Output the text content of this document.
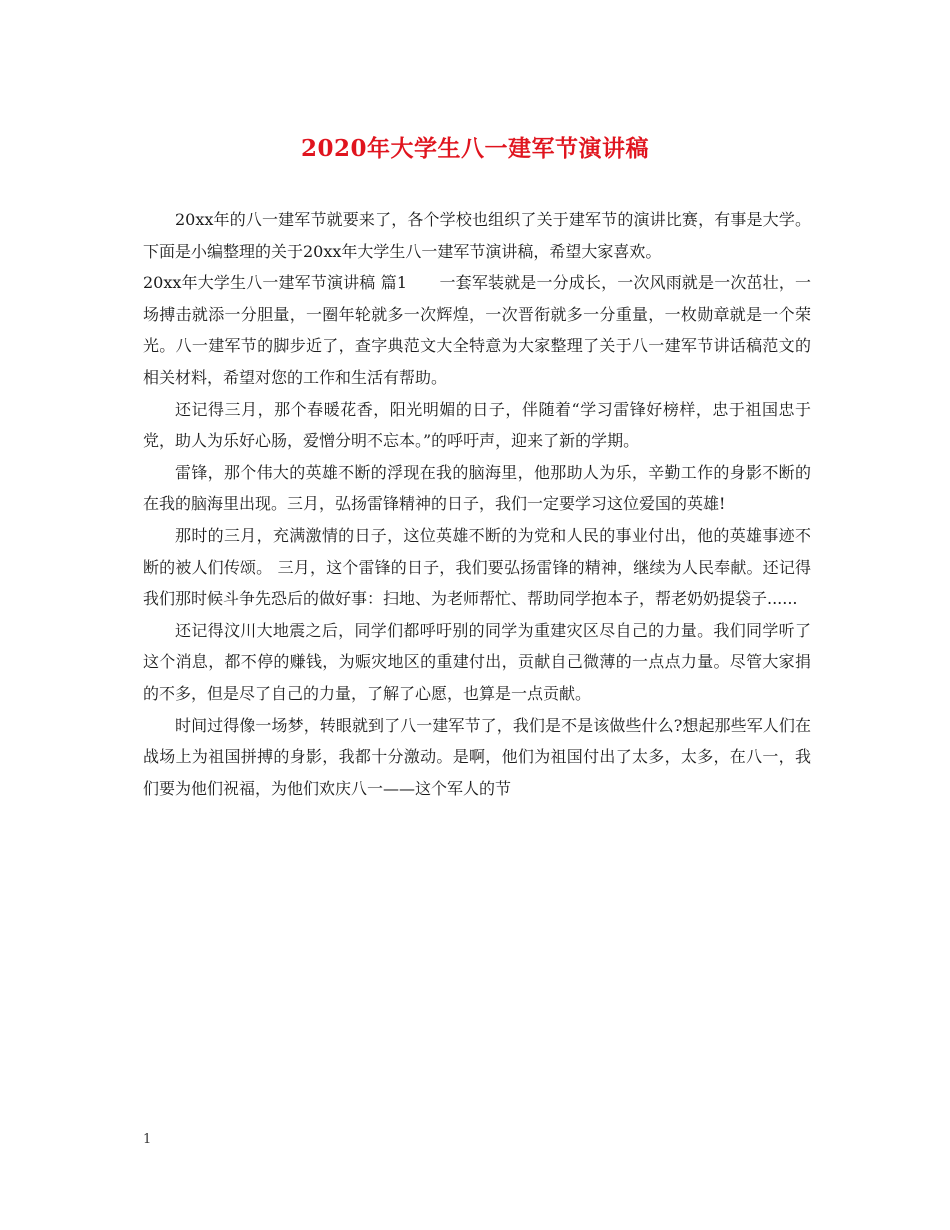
2020年大学生八一建军节演讲稿

20xx年的八一建军节就要来了，各个学校也组织了关于建军节的演讲比赛，有事是大学。下面是小编整理的关于20xx年大学生八一建军节演讲稿，希望大家喜欢。

20xx年大学生八一建军节演讲稿 篇1　　一套军装就是一分成长，一次风雨就是一次茁壮，一场搏击就添一分胆量，一圈年轮就多一次辉煌，一次晋衔就多一分重量，一枚勋章就是一个荣光。八一建军节的脚步近了，查字典范文大全特意为大家整理了关于八一建军节讲话稿范文的相关材料，希望对您的工作和生活有帮助。

还记得三月，那个春暖花香，阳光明媚的日子，伴随着“学习雷锋好榜样，忠于祖国忠于党，助人为乐好心肠，爱憎分明不忘本。”的呼吁声，迎来了新的学期。

雷锋，那个伟大的英雄不断的浮现在我的脑海里，他那助人为乐，辛勤工作的身影不断的在我的脑海里出现。三月，弘扬雷锋精神的日子，我们一定要学习这位爱国的英雄!

那时的三月，充满激情的日子，这位英雄不断的为党和人民的事业付出，他的英雄事迹不断的被人们传颂。 三月，这个雷锋的日子，我们要弘扬雷锋的精神，继续为人民奉献。还记得我们那时候斗争先恐后的做好事：扫地、为老师帮忙、帮助同学抱本子，帮老奶奶提袋子......

还记得汶川大地震之后，同学们都呼吁别的同学为重建灾区尽自己的力量。我们同学听了这个消息，都不停的赚钱，为赈灾地区的重建付出，贡献自己微薄的一点点力量。尽管大家捐的不多，但是尽了自己的力量，了解了心愿，也算是一点贡献。

时间过得像一场梦，转眼就到了八一建军节了，我们是不是该做些什么?想起那些军人们在战场上为祖国拼搏的身影，我都十分激动。是啊，他们为祖国付出了太多，太多，在八一，我们要为他们祝福，为他们欢庆八一——这个军人的节

1
